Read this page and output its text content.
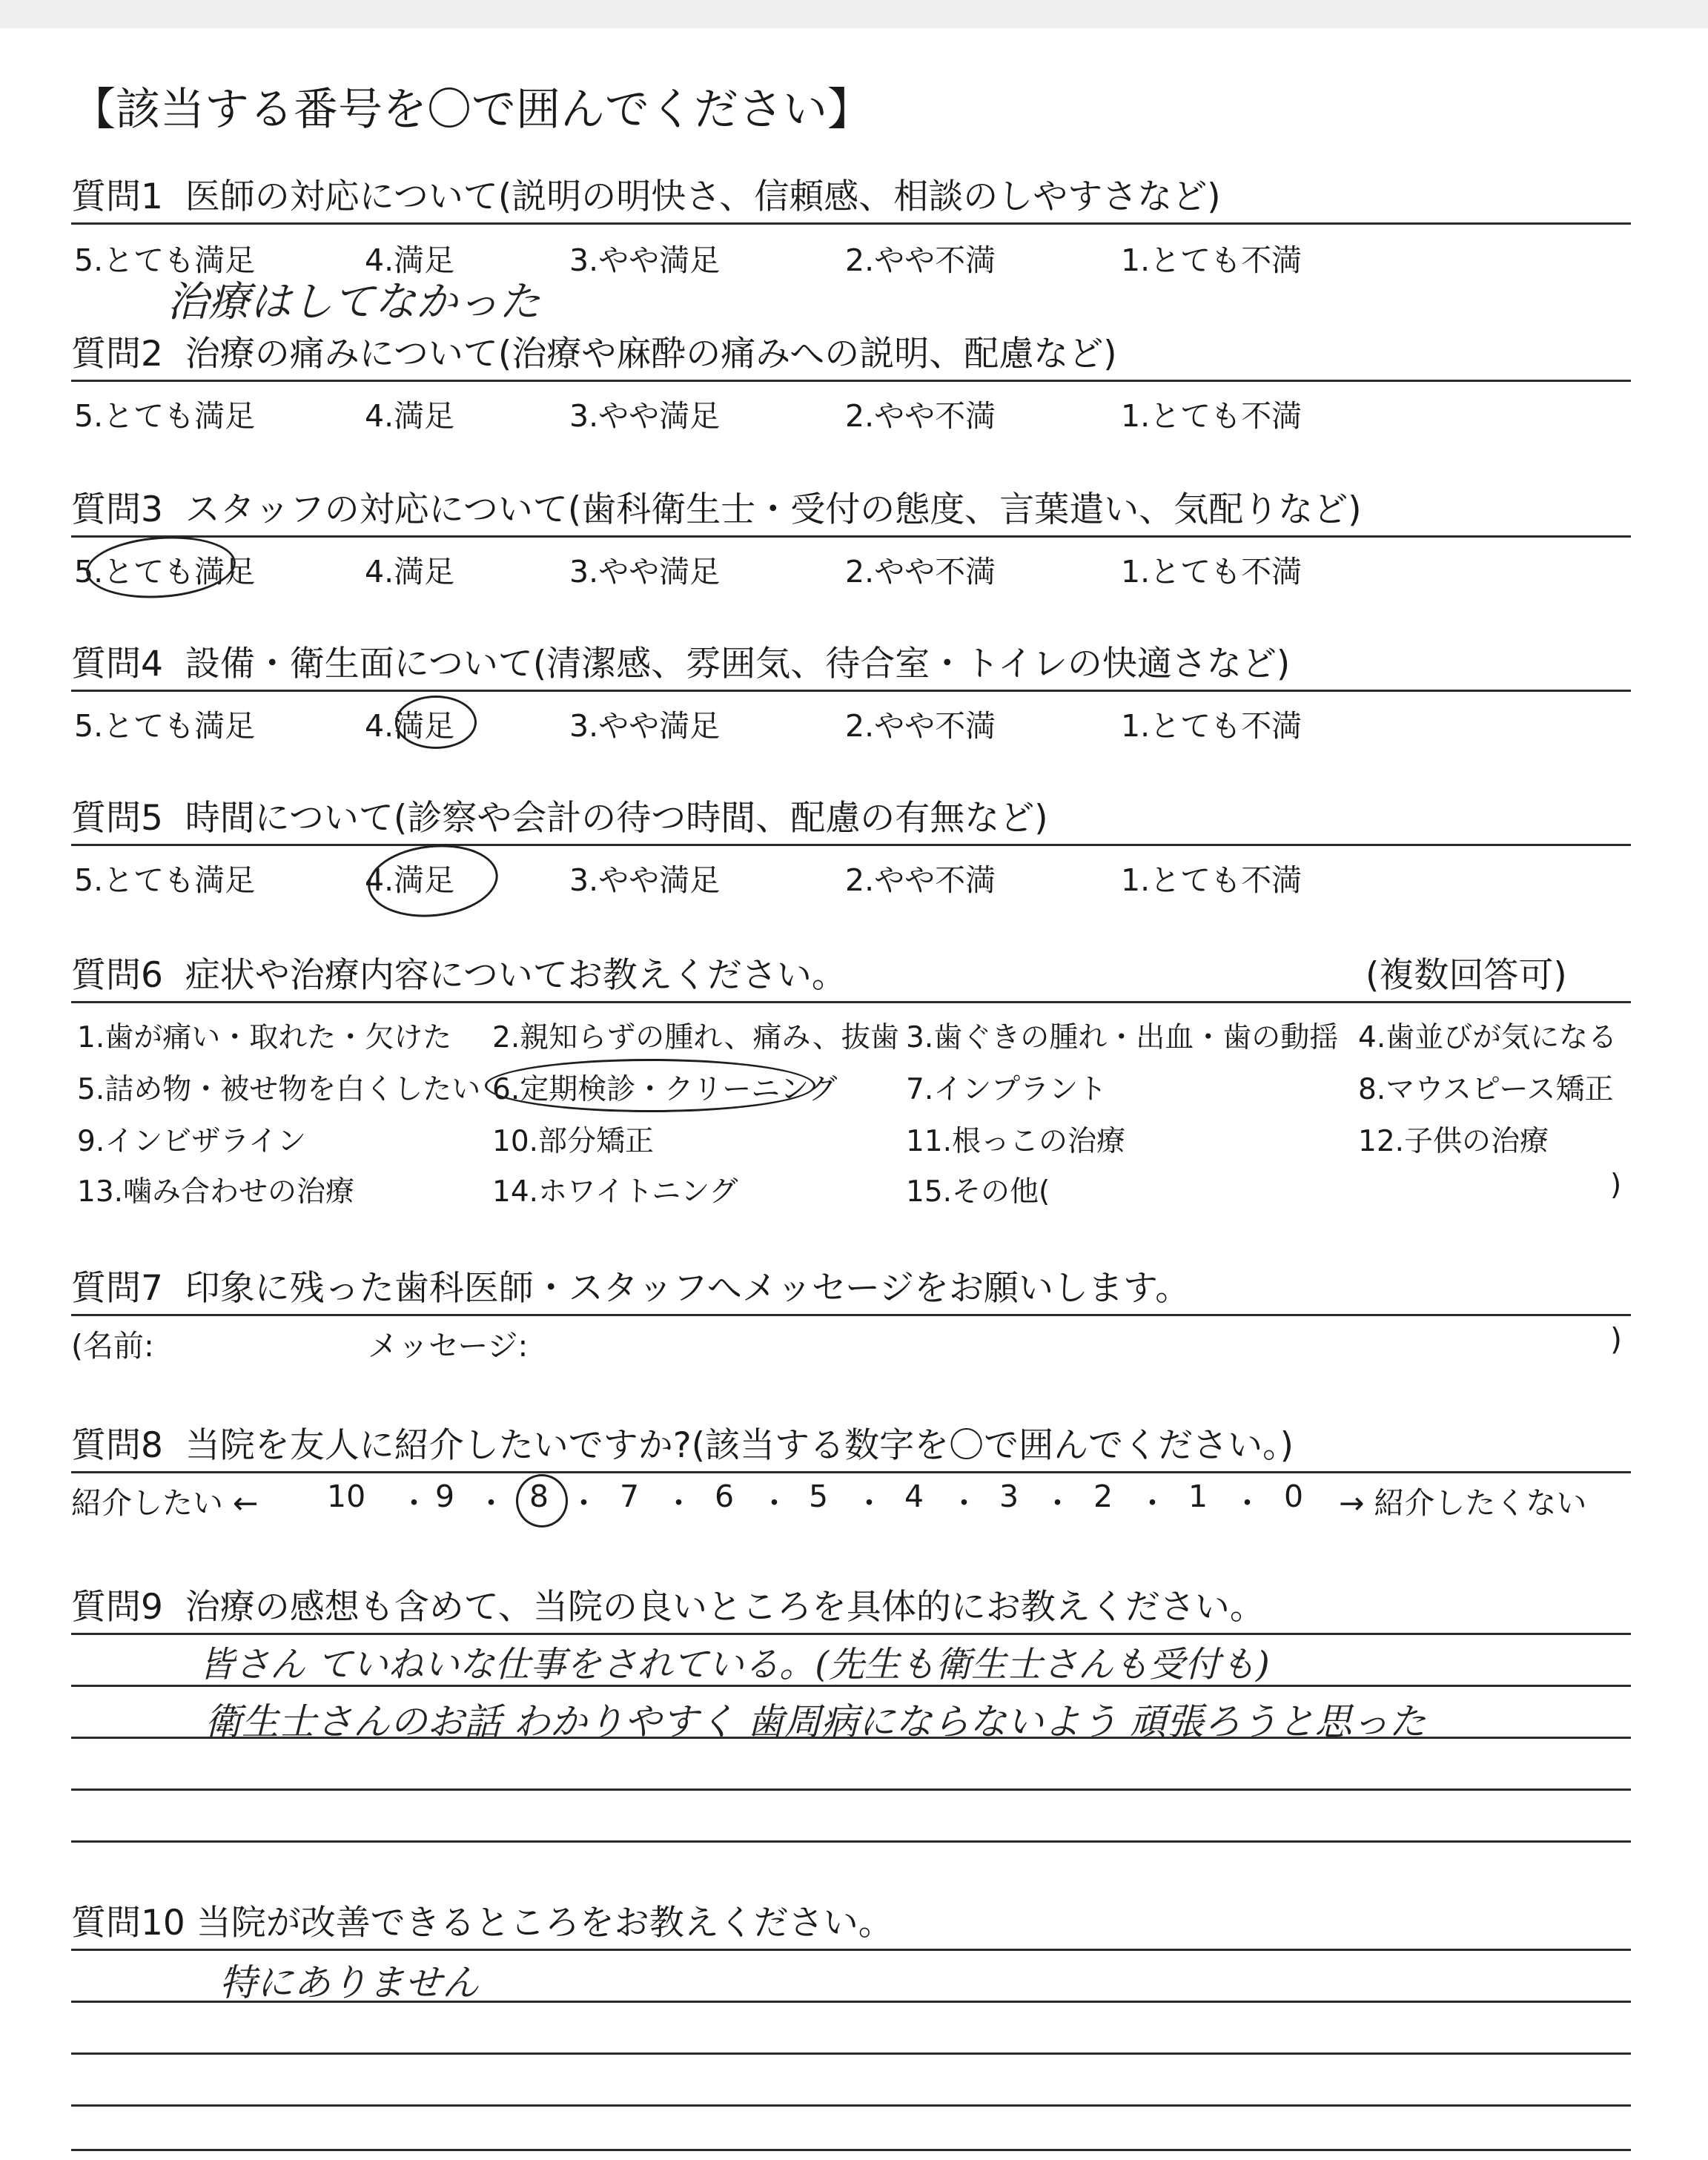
【該当する番号を〇で囲んでください】
質問1 医師の対応について(説明の明快さ、信頼感、相談のしやすさなど)
5.とても満足	4.満足	3.やや満足	2.やや不満	1.とても不満
治療はしてなかった
質問2 治療の痛みについて(治療や麻酔の痛みへの説明、配慮など)
5.とても満足	4.満足	3.やや満足	2.やや不満	1.とても不満
質問3 スタッフの対応について(歯科衛生士・受付の態度、言葉遣い、気配りなど)
5.とても満足	4.満足	3.やや満足	2.やや不満	1.とても不満
質問4 設備・衛生面について(清潔感、雰囲気、待合室・トイレの快適さなど)
5.とても満足	4.満足	3.やや満足	2.やや不満	1.とても不満
質問5 時間について(診察や会計の待つ時間、配慮の有無など)
5.とても満足	4.満足	3.やや満足	2.やや不満	1.とても不満
質問6 症状や治療内容についてお教えください。	(複数回答可)
1.歯が痛い・取れた・欠けた 2.親知らずの腫れ、痛み、抜歯 3.歯ぐきの腫れ・出血・歯の動揺 4.歯並びが気になる
5.詰め物・被せ物を白くしたい 6.定期検診・クリーニング 7.インプラント	8.マウスピース矯正
9.インビザライン	10.部分矯正	11.根っこの治療	12.子供の治療
13.噛み合わせの治療	14.ホワイトニング	15.その他(	)
質問7 印象に残った歯科医師・スタッフへメッセージをお願いします。
(名前:	メッセージ:	)
質問8 当院を友人に紹介したいですか?(該当する数字を〇で囲んでください。)
紹介したい ← 10 ・ 9 ・ 8 ・ 7 ・ 6 ・ 5 ・ 4 ・ 3 ・ 2 ・ 1 ・ 0 → 紹介したくない
質問9 治療の感想も含めて、当院の良いところを具体的にお教えください。
皆さん ていねいな仕事をされている。(先生も衛生士さんも受付も)
衛生士さんのお話 わかりやすく 歯周病にならないよう 頑張ろうと思った
質問10 当院が改善できるところをお教えください。
特にありません
